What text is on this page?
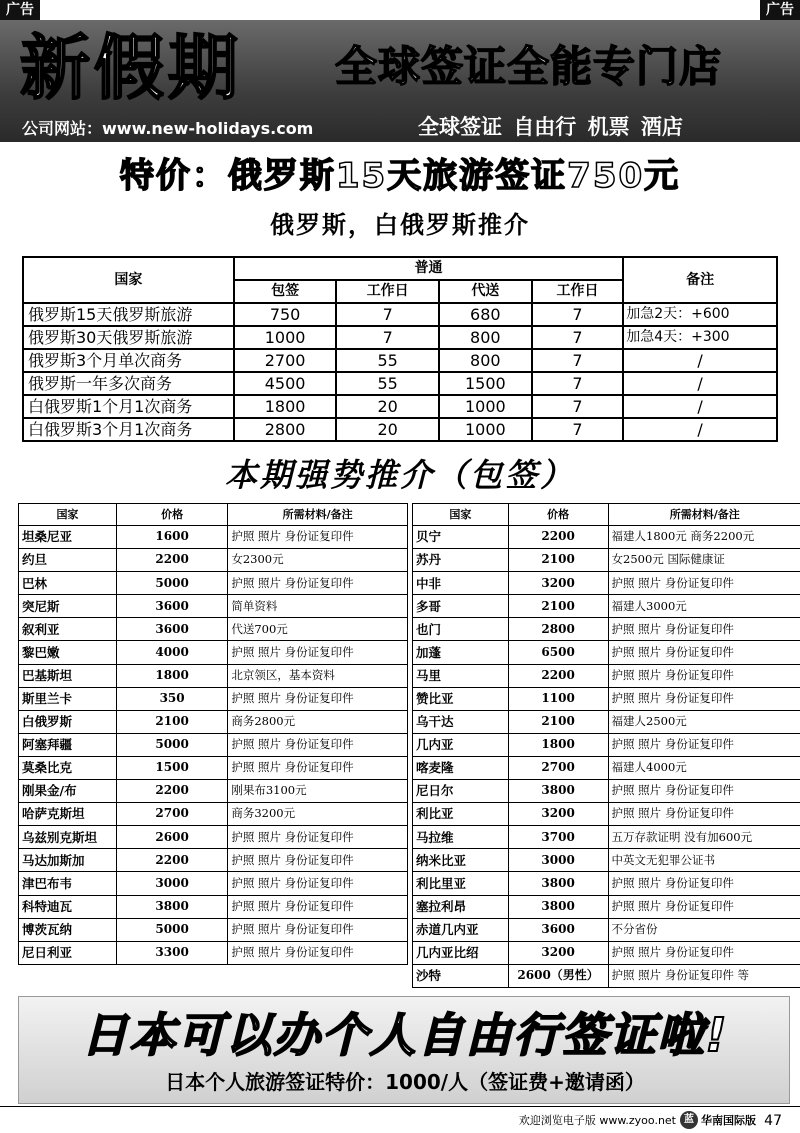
广告	广告
新假期 全球签证全能专门店
公司网站：www.new-holidays.com	全球签证 自由行 机票 酒店
特价：俄罗斯15天旅游签证750元
俄罗斯，白俄罗斯推介
国家	普通				备注
	包签	工作日	代送	工作日	
俄罗斯15天俄罗斯旅游	750	7	680	7	加急2天：+600
俄罗斯30天俄罗斯旅游	1000	7	800	7	加急4天：+300
俄罗斯3个月单次商务	2700	55	800	7	/
俄罗斯一年多次商务	4500	55	1500	7	/
白俄罗斯1个月1次商务	1800	20	1000	7	/
白俄罗斯3个月1次商务	2800	20	1000	7	/
本期强势推介（包签）
国家	价格	所需材料/备注
坦桑尼亚	1600	护照 照片 身份证复印件
约旦	2200	女2300元
巴林	5000	护照 照片 身份证复印件
突尼斯	3600	简单资料
叙利亚	3600	代送700元
黎巴嫩	4000	护照 照片 身份证复印件
巴基斯坦	1800	北京领区，基本资料
斯里兰卡	350	护照 照片 身份证复印件
白俄罗斯	2100	商务2800元
阿塞拜疆	5000	护照 照片 身份证复印件
莫桑比克	1500	护照 照片 身份证复印件
刚果金/布	2200	刚果布3100元
哈萨克斯坦	2700	商务3200元
乌兹别克斯坦	2600	护照 照片 身份证复印件
马达加斯加	2200	护照 照片 身份证复印件
津巴布韦	3000	护照 照片 身份证复印件
科特迪瓦	3800	护照 照片 身份证复印件
博茨瓦纳	5000	护照 照片 身份证复印件
尼日利亚	3300	护照 照片 身份证复印件
国家	价格	所需材料/备注
贝宁	2200	福建人1800元 商务2200元
苏丹	2100	女2500元 国际健康证
中非	3200	护照 照片 身份证复印件
多哥	2100	福建人3000元
也门	2800	护照 照片 身份证复印件
加蓬	6500	护照 照片 身份证复印件
马里	2200	护照 照片 身份证复印件
赞比亚	1100	护照 照片 身份证复印件
乌干达	2100	福建人2500元
几内亚	1800	护照 照片 身份证复印件
喀麦隆	2700	福建人4000元
尼日尔	3800	护照 照片 身份证复印件
利比亚	3200	护照 照片 身份证复印件
马拉维	3700	五万存款证明 没有加600元
纳米比亚	3000	中英文无犯罪公证书
利比里亚	3800	护照 照片 身份证复印件
塞拉利昂	3800	护照 照片 身份证复印件
赤道几内亚	3600	不分省份
几内亚比绍	3200	护照 照片 身份证复印件
沙特	2600（男性）	护照 照片 身份证复印件 等
日本可以办个人自由行签证啦!
日本个人旅游签证特价：1000/人（签证费+邀请函）
欢迎浏览电子版 www.zyoo.net 蓝 华南国际版 47
